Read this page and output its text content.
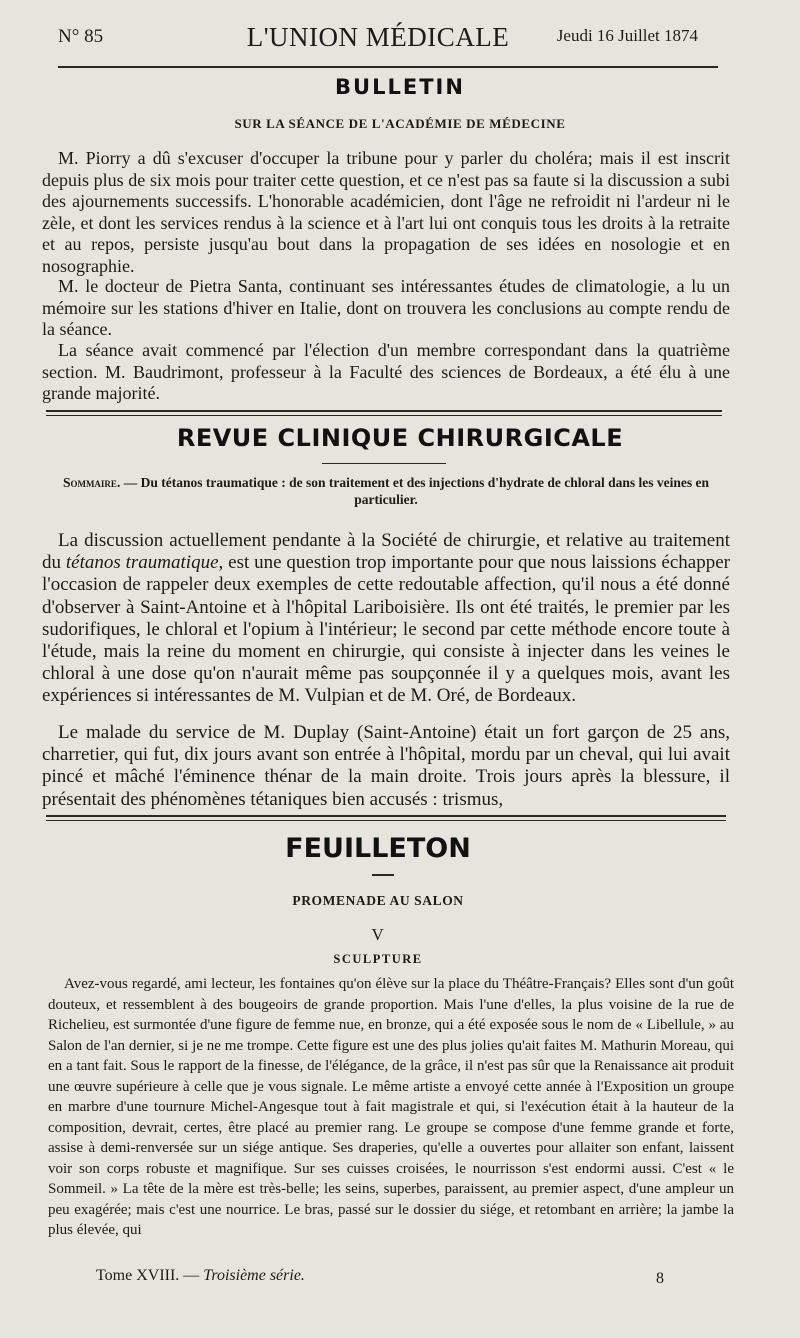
N° 85	L'UNION MÉDICALE	Jeudi 16 Juillet 1874
BULLETIN
SUR LA SÉANCE DE L'ACADÉMIE DE MÉDECINE

M. Piorry a dû s'excuser d'occuper la tribune pour y parler du choléra; mais il est inscrit depuis plus de six mois pour traiter cette question, et ce n'est pas sa faute si la discussion a subi des ajournements successifs. L'honorable académicien, dont l'âge ne refroidit ni l'ardeur ni le zèle, et dont les services rendus à la science et à l'art lui ont conquis tous les droits à la retraite et au repos, persiste jusqu'au bout dans la propagation de ses idées en nosologie et en nosographie.

M. le docteur de Pietra Santa, continuant ses intéressantes études de climatologie, a lu un mémoire sur les stations d'hiver en Italie, dont on trouvera les conclusions au compte rendu de la séance.

La séance avait commencé par l'élection d'un membre correspondant dans la quatrième section. M. Baudrimont, professeur à la Faculté des sciences de Bordeaux, a été élu à une grande majorité.

REVUE CLINIQUE CHIRURGICALE
Sommaire. — Du tétanos traumatique : de son traitement et des injections d'hydrate de chloral dans les veines en particulier.

La discussion actuellement pendante à la Société de chirurgie, et relative au traitement du tétanos traumatique, est une question trop importante pour que nous laissions échapper l'occasion de rappeler deux exemples de cette redoutable affection, qu'il nous a été donné d'observer à Saint-Antoine et à l'hôpital Lariboisière. Ils ont été traités, le premier par les sudorifiques, le chloral et l'opium à l'intérieur; le second par cette méthode encore toute à l'étude, mais la reine du moment en chirurgie, qui consiste à injecter dans les veines le chloral à une dose qu'on n'aurait même pas soupçonnée il y a quelques mois, avant les expériences si intéressantes de M. Vulpian et de M. Oré, de Bordeaux.

Le malade du service de M. Duplay (Saint-Antoine) était un fort garçon de 25 ans, charretier, qui fut, dix jours avant son entrée à l'hôpital, mordu par un cheval, qui lui avait pincé et mâché l'éminence thénar de la main droite. Trois jours après la blessure, il présentait des phénomènes tétaniques bien accusés : trismus,

FEUILLETON
PROMENADE AU SALON
V
SCULPTURE

Avez-vous regardé, ami lecteur, les fontaines qu'on élève sur la place du Théâtre-Français? Elles sont d'un goût douteux, et ressemblent à des bougeoirs de grande proportion. Mais l'une d'elles, la plus voisine de la rue de Richelieu, est surmontée d'une figure de femme nue, en bronze, qui a été exposée sous le nom de « Libellule, » au Salon de l'an dernier, si je ne me trompe. Cette figure est une des plus jolies qu'ait faites M. Mathurin Moreau, qui en a tant fait. Sous le rapport de la finesse, de l'élégance, de la grâce, il n'est pas sûr que la Renaissance ait produit une œuvre supérieure à celle que je vous signale. Le même artiste a envoyé cette année à l'Exposition un groupe en marbre d'une tournure Michel-Angesque tout à fait magistrale et qui, si l'exécution était à la hauteur de la composition, devrait, certes, être placé au premier rang. Le groupe se compose d'une femme grande et forte, assise à demi-renversée sur un siége antique. Ses draperies, qu'elle a ouvertes pour allaiter son enfant, laissent voir son corps robuste et magnifique. Sur ses cuisses croisées, le nourrisson s'est endormi aussi. C'est « le Sommeil. » La tête de la mère est très-belle; les seins, superbes, paraissent, au premier aspect, d'une ampleur un peu exagérée; mais c'est une nourrice. Le bras, passé sur le dossier du siége, et retombant en arrière; la jambe la plus élevée, qui

Tome XVIII. — Troisième série.	8
